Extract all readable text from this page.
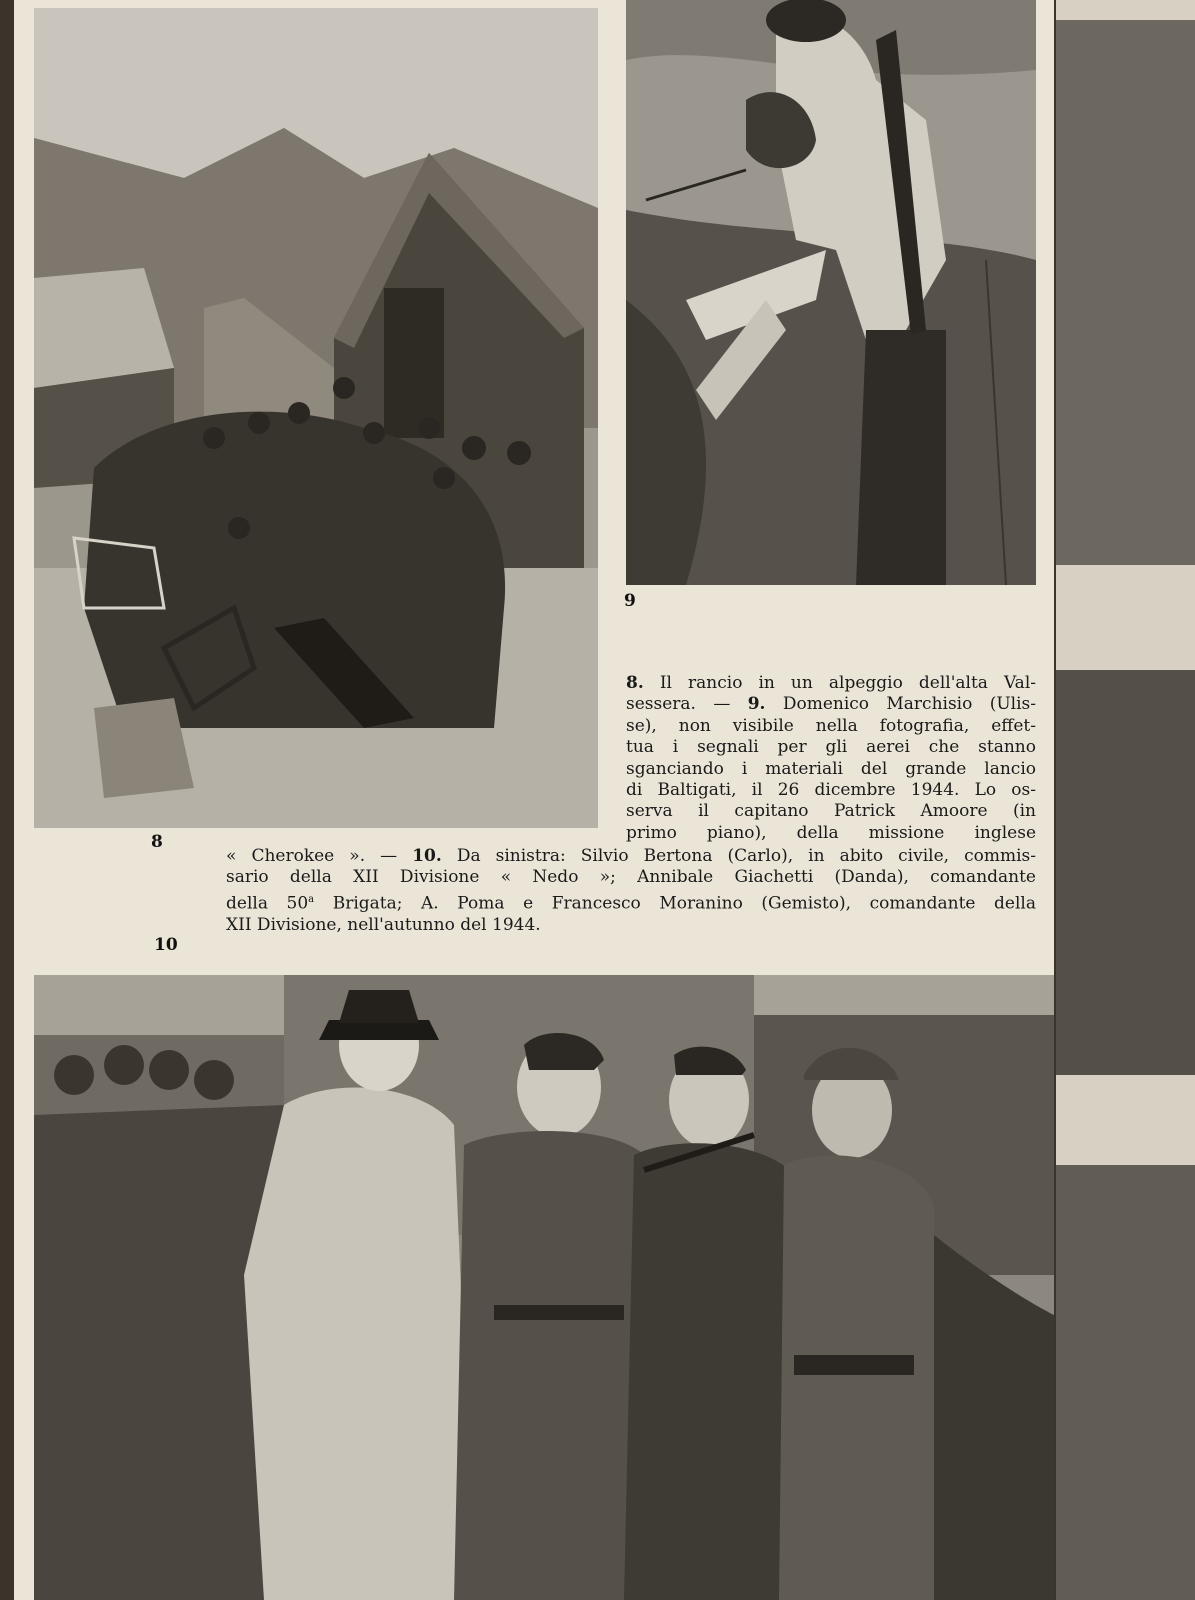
8
9
8. Il rancio in un alpeggio dell'alta Val-
sessera. — 9. Domenico Marchisio (Ulis-
se), non visibile nella fotografia, effet-
tua i segnali per gli aerei che stanno
sganciando i materiali del grande lancio
di Baltigati, il 26 dicembre 1944. Lo os-
serva il capitano Patrick Amoore (in
primo piano), della missione inglese
« Cherokee ». — 10. Da sinistra: Silvio Bertona (Carlo), in abito civile, commis-
sario della XII Divisione « Nedo »; Annibale Giachetti (Danda), comandante
della 50$^a$ Brigata; A. Poma e Francesco Moranino (Gemisto), comandante della
XII Divisione, nell'autunno del 1944.
10
